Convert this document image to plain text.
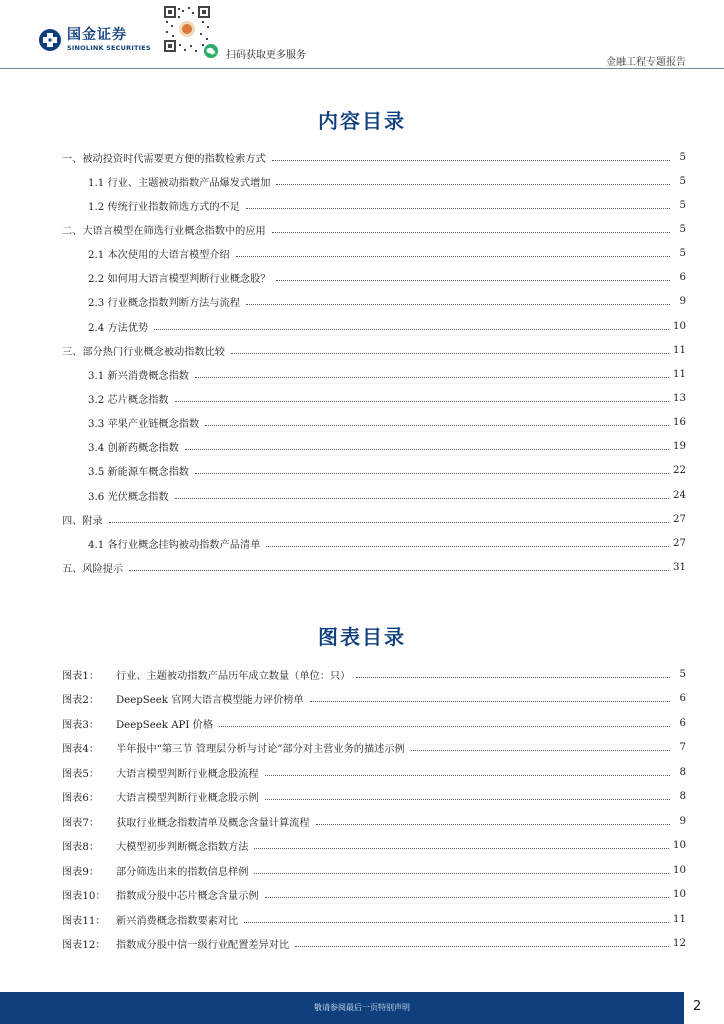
国金证券
SINOLINK SECURITIES
扫码获取更多服务
金融工程专题报告
内容目录
一、被动投资时代需要更方便的指数检索方式	5
1.1 行业、主题被动指数产品爆发式增加	5
1.2 传统行业指数筛选方式的不足	5
二、大语言模型在筛选行业概念指数中的应用	5
2.1 本次使用的大语言模型介绍	5
2.2 如何用大语言模型判断行业概念股？	6
2.3 行业概念指数判断方法与流程	9
2.4 方法优势	10
三、部分热门行业概念被动指数比较	11
3.1 新兴消费概念指数	11
3.2 芯片概念指数	13
3.3 苹果产业链概念指数	16
3.4 创新药概念指数	19
3.5 新能源车概念指数	22
3.6 光伏概念指数	24
四、附录	27
4.1 各行业概念挂钩被动指数产品清单	27
五、风险提示	31
图表目录
图表1：	行业、主题被动指数产品历年成立数量（单位：只）	5
图表2：	DeepSeek 官网大语言模型能力评价榜单	6
图表3：	DeepSeek API 价格	6
图表4：	半年报中“第三节 管理层分析与讨论”部分对主营业务的描述示例	7
图表5：	大语言模型判断行业概念股流程	8
图表6：	大语言模型判断行业概念股示例	8
图表7：	获取行业概念指数清单及概念含量计算流程	9
图表8：	大模型初步判断概念指数方法	10
图表9：	部分筛选出来的指数信息样例	10
图表10：	指数成分股中芯片概念含量示例	10
图表11：	新兴消费概念指数要素对比	11
图表12：	指数成分股中信一级行业配置差异对比	12
敬请参阅最后一页特别声明	2
